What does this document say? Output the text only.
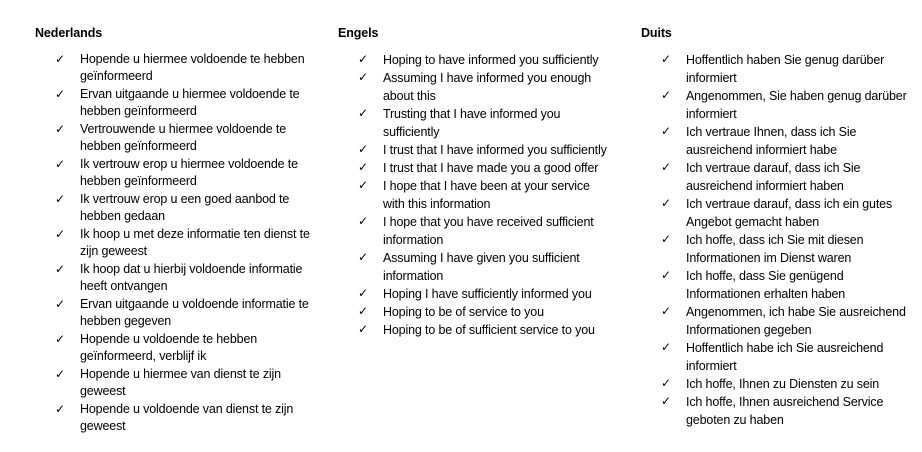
Nederlands
✓ Hopende u hiermee voldoende te hebben geïnformeerd
✓ Ervan uitgaande u hiermee voldoende te hebben geïnformeerd
✓ Vertrouwende u hiermee voldoende te hebben geïnformeerd
✓ Ik vertrouw erop u hiermee voldoende te hebben geïnformeerd
✓ Ik vertrouw erop u een goed aanbod te hebben gedaan
✓ Ik hoop u met deze informatie ten dienst te zijn geweest
✓ Ik hoop dat u hierbij voldoende informatie heeft ontvangen
✓ Ervan uitgaande u voldoende informatie te hebben gegeven
✓ Hopende u voldoende te hebben geïnformeerd, verblijf ik
✓ Hopende u hiermee van dienst te zijn geweest
✓ Hopende u voldoende van dienst te zijn geweest
Engels
✓ Hoping to have informed you sufficiently
✓ Assuming I have informed you enough about this
✓ Trusting that I have informed you sufficiently
✓ I trust that I have informed you sufficiently
✓ I trust that I have made you a good offer
✓ I hope that I have been at your service with this information
✓ I hope that you have received sufficient information
✓ Assuming I have given you sufficient information
✓ Hoping I have sufficiently informed you
✓ Hoping to be of service to you
✓ Hoping to be of sufficient service to you
Duits
✓ Hoffentlich haben Sie genug darüber informiert
✓ Angenommen, Sie haben genug darüber informiert
✓ Ich vertraue Ihnen, dass ich Sie ausreichend informiert habe
✓ Ich vertraue darauf, dass ich Sie ausreichend informiert haben
✓ Ich vertraue darauf, dass ich ein gutes Angebot gemacht haben
✓ Ich hoffe, dass ich Sie mit diesen Informationen im Dienst waren
✓ Ich hoffe, dass Sie genügend Informationen erhalten haben
✓ Angenommen, ich habe Sie ausreichend Informationen gegeben
✓ Hoffentlich habe ich Sie ausreichend informiert
✓ Ich hoffe, Ihnen zu Diensten zu sein
✓ Ich hoffe, Ihnen ausreichend Service geboten zu haben
